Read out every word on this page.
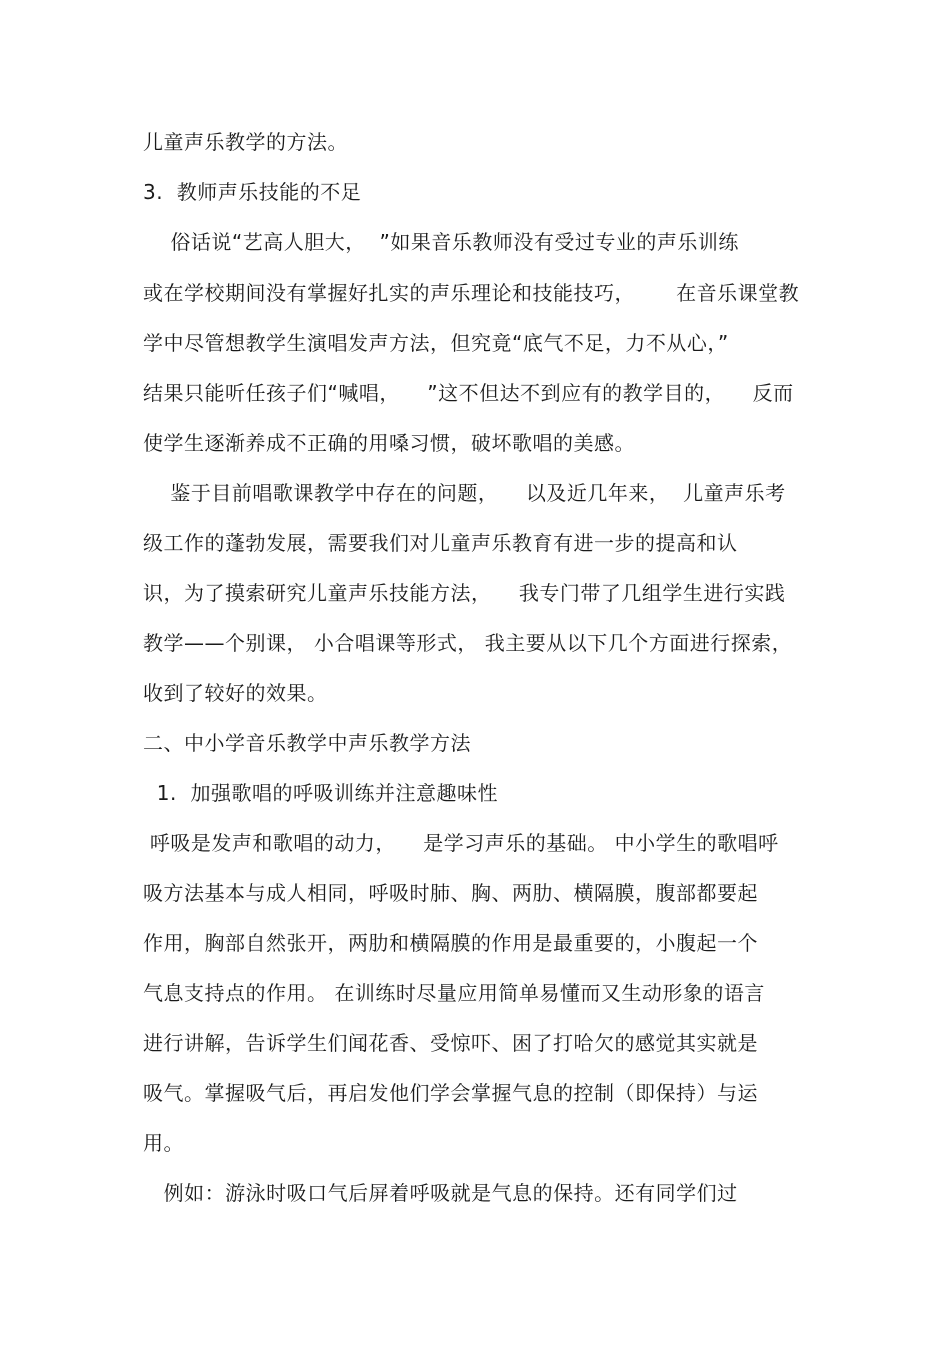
儿童声乐教学的方法。
3.  教师声乐技能的不足
俗话说“艺高人胆大，  ”如果音乐教师没有受过专业的声乐训练
或在学校期间没有掌握好扎实的声乐理论和技能技巧，      在音乐课堂教
学中尽管想教学生演唱发声方法，但究竟“底气不足，力不从心，”
结果只能听任孩子们“喊唱，    ”这不但达不到应有的教学目的，    反而
使学生逐渐养成不正确的用嗓习惯，破坏歌唱的美感。
鉴于目前唱歌课教学中存在的问题，    以及近几年来，  儿童声乐考
级工作的蓬勃发展，需要我们对儿童声乐教育有进一步的提高和认
识，为了摸索研究儿童声乐技能方法，    我专门带了几组学生进行实践
教学——个别课， 小合唱课等形式， 我主要从以下几个方面进行探索，
收到了较好的效果。
二、中小学音乐教学中声乐教学方法
1.  加强歌唱的呼吸训练并注意趣味性
呼吸是发声和歌唱的动力，    是学习声乐的基础。 中小学生的歌唱呼
吸方法基本与成人相同，呼吸时肺、胸、两肋、横隔膜，腹部都要起
作用，胸部自然张开，两肋和横隔膜的作用是最重要的，小腹起一个
气息支持点的作用。 在训练时尽量应用简单易懂而又生动形象的语言
进行讲解，告诉学生们闻花香、受惊吓、困了打哈欠的感觉其实就是
吸气。掌握吸气后，再启发他们学会掌握气息的控制（即保持）与运
用。
例如：游泳时吸口气后屏着呼吸就是气息的保持。还有同学们过
